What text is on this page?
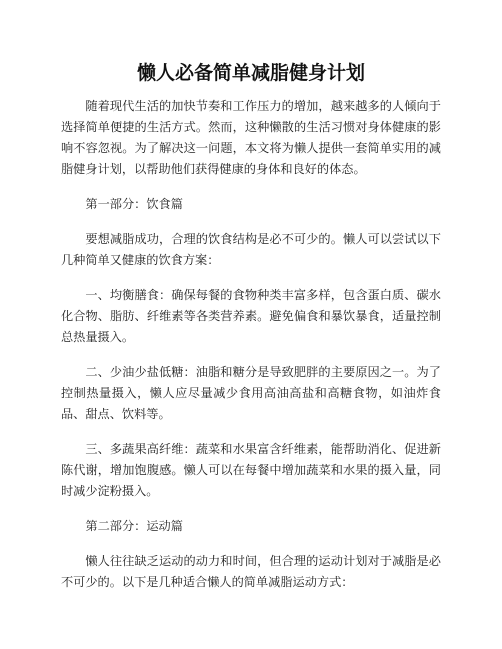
懒人必备简单减脂健身计划

随着现代生活的加快节奏和工作压力的增加，越来越多的人倾向于选择简单便捷的生活方式。然而，这种懒散的生活习惯对身体健康的影响不容忽视。为了解决这一问题，本文将为懒人提供一套简单实用的减脂健身计划，以帮助他们获得健康的身体和良好的体态。

第一部分：饮食篇

要想减脂成功，合理的饮食结构是必不可少的。懒人可以尝试以下几种简单又健康的饮食方案：

一、均衡膳食：确保每餐的食物种类丰富多样，包含蛋白质、碳水化合物、脂肪、纤维素等各类营养素。避免偏食和暴饮暴食，适量控制总热量摄入。

二、少油少盐低糖：油脂和糖分是导致肥胖的主要原因之一。为了控制热量摄入，懒人应尽量减少食用高油高盐和高糖食物，如油炸食品、甜点、饮料等。

三、多蔬果高纤维：蔬菜和水果富含纤维素，能帮助消化、促进新陈代谢，增加饱腹感。懒人可以在每餐中增加蔬菜和水果的摄入量，同时减少淀粉摄入。

第二部分：运动篇

懒人往往缺乏运动的动力和时间，但合理的运动计划对于减脂是必不可少的。以下是几种适合懒人的简单减脂运动方式：
